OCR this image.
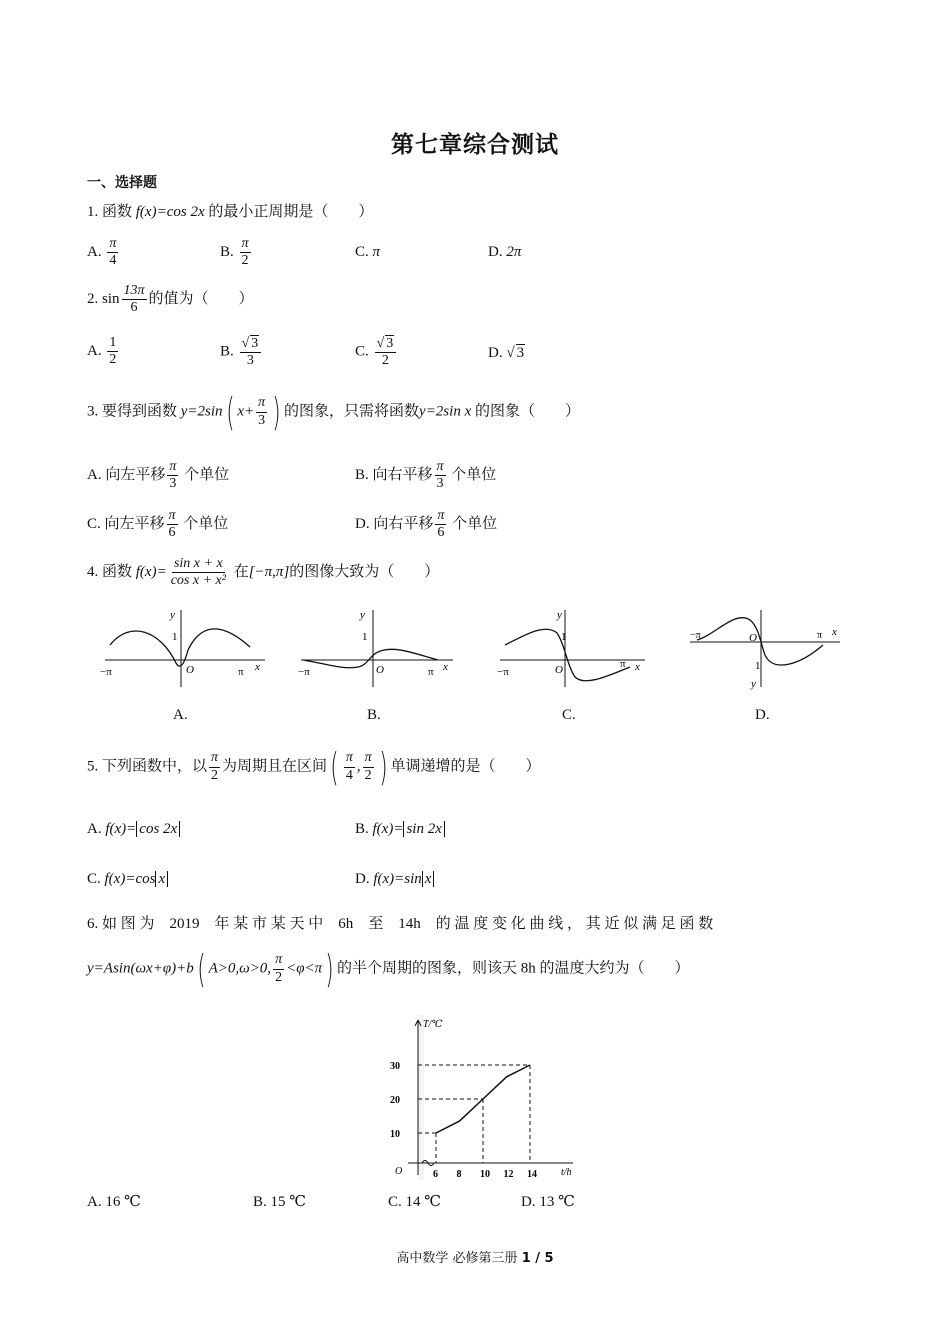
第七章综合测试
一、选择题
1. 函数 f(x)=cos 2x 的最小正周期是（　　）
A. $\frac{\pi}{4}$	B. $\frac{\pi}{2}$	C. π	D. 2π
2. $\sin \frac{13\pi}{6}$ 的值为（　　）
A. $\frac{1}{2}$	B. $\frac{√ 3}{3}$	C. $\frac{√ 3}{2}$	D. √ 3
3. 要得到函数 y=2sin( $x+ \frac{\pi}{3}$ ) 的图象，只需将函数y=2sin x 的图象（　　）
A. 向左平移 $\frac{\pi}{3}$ 个单位	B. 向右平移 $\frac{\pi}{3}$ 个单位
C. 向左平移 $\frac{\pi}{6}$ 个单位	D. 向右平移 $\frac{\pi}{6}$ 个单位
4. 函数 $f(x)= \frac{\text{sin x + x}}{\text{cos x + x²}}$ 在[−π,π]的图像大致为（　　）
−π	π x
y
1
O	−π	π x
y
1
O	−π
π x
y
1
O
−π	π x
y
1
O
A.	B.	C.	D.
5. 下列函数中，以 $\frac{\pi}{2}$ 为周期且在区间( $\frac{\pi}{4}$ , $\frac{\pi}{2}$ ) 单调递增的是（　　）
A. f(x)= cos 2x	B. f(x)= sin 2x
C. f(x)=cos x	D. f(x)=sin x
6. 如 图 为　2019　年 某 市 某 天 中　6h　至　14h　的 温 度 变 化 曲 线 ， 其 近 似 满 足 函 数
y=Asin(ωx+φ)+b( A>0,ω>0, $\frac{\pi}{2} <\varphi<\pi$) 的半个周期的图象，则该天 8h 的温度大约为（　　）
T/℃
t/h
O	6 8 10 12 14
10
20
30
A. 16 ℃	B. 15 ℃	C. 14 ℃	D. 13 ℃
高中数学 必修第三册 1 / 5
